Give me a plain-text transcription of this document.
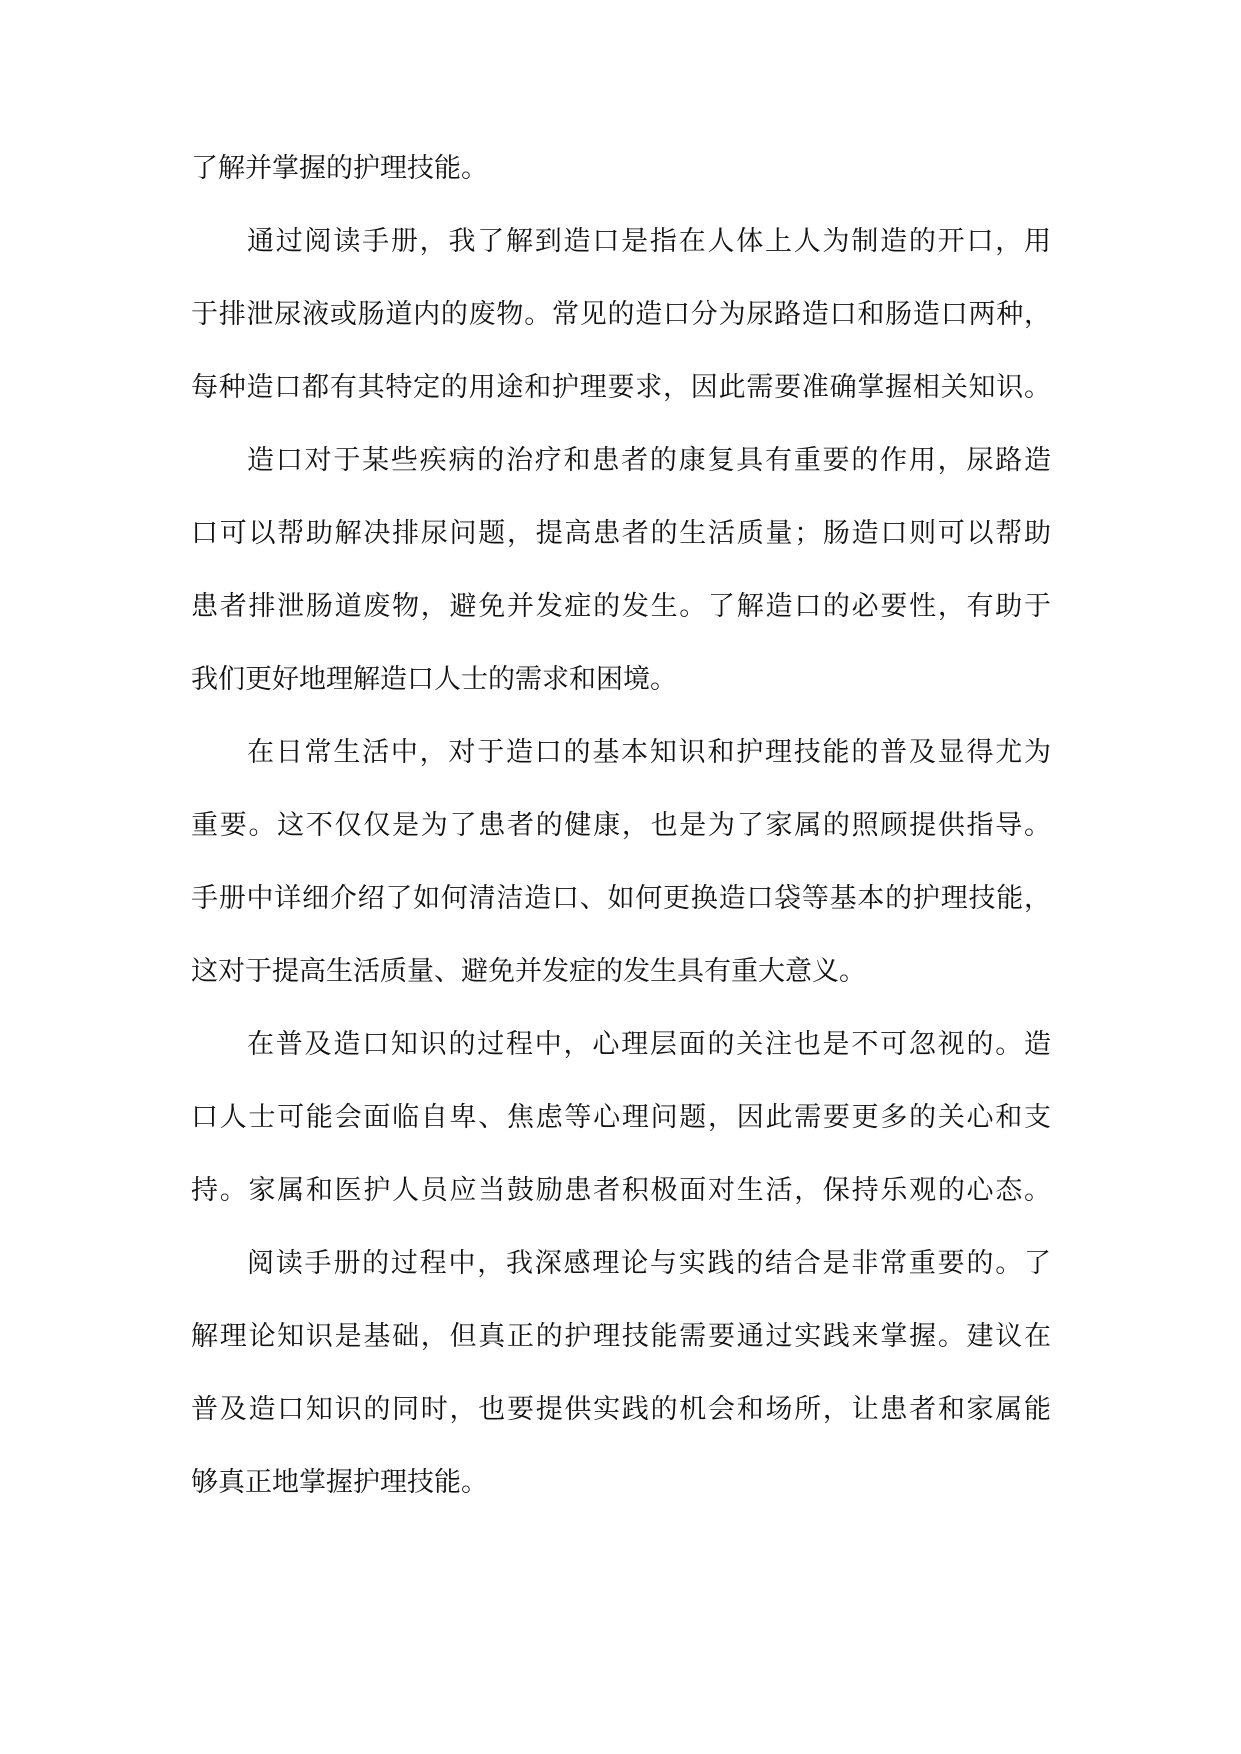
了解并掌握的护理技能。
通过阅读手册，我了解到造口是指在人体上人为制造的开口，用
于排泄尿液或肠道内的废物。常见的造口分为尿路造口和肠造口两种，
每种造口都有其特定的用途和护理要求，因此需要准确掌握相关知识。
造口对于某些疾病的治疗和患者的康复具有重要的作用，尿路造
口可以帮助解决排尿问题，提高患者的生活质量；肠造口则可以帮助
患者排泄肠道废物，避免并发症的发生。了解造口的必要性，有助于
我们更好地理解造口人士的需求和困境。
在日常生活中，对于造口的基本知识和护理技能的普及显得尤为
重要。这不仅仅是为了患者的健康，也是为了家属的照顾提供指导。
手册中详细介绍了如何清洁造口、如何更换造口袋等基本的护理技能，
这对于提高生活质量、避免并发症的发生具有重大意义。
在普及造口知识的过程中，心理层面的关注也是不可忽视的。造
口人士可能会面临自卑、焦虑等心理问题，因此需要更多的关心和支
持。家属和医护人员应当鼓励患者积极面对生活，保持乐观的心态。
阅读手册的过程中，我深感理论与实践的结合是非常重要的。了
解理论知识是基础，但真正的护理技能需要通过实践来掌握。建议在
普及造口知识的同时，也要提供实践的机会和场所，让患者和家属能
够真正地掌握护理技能。
